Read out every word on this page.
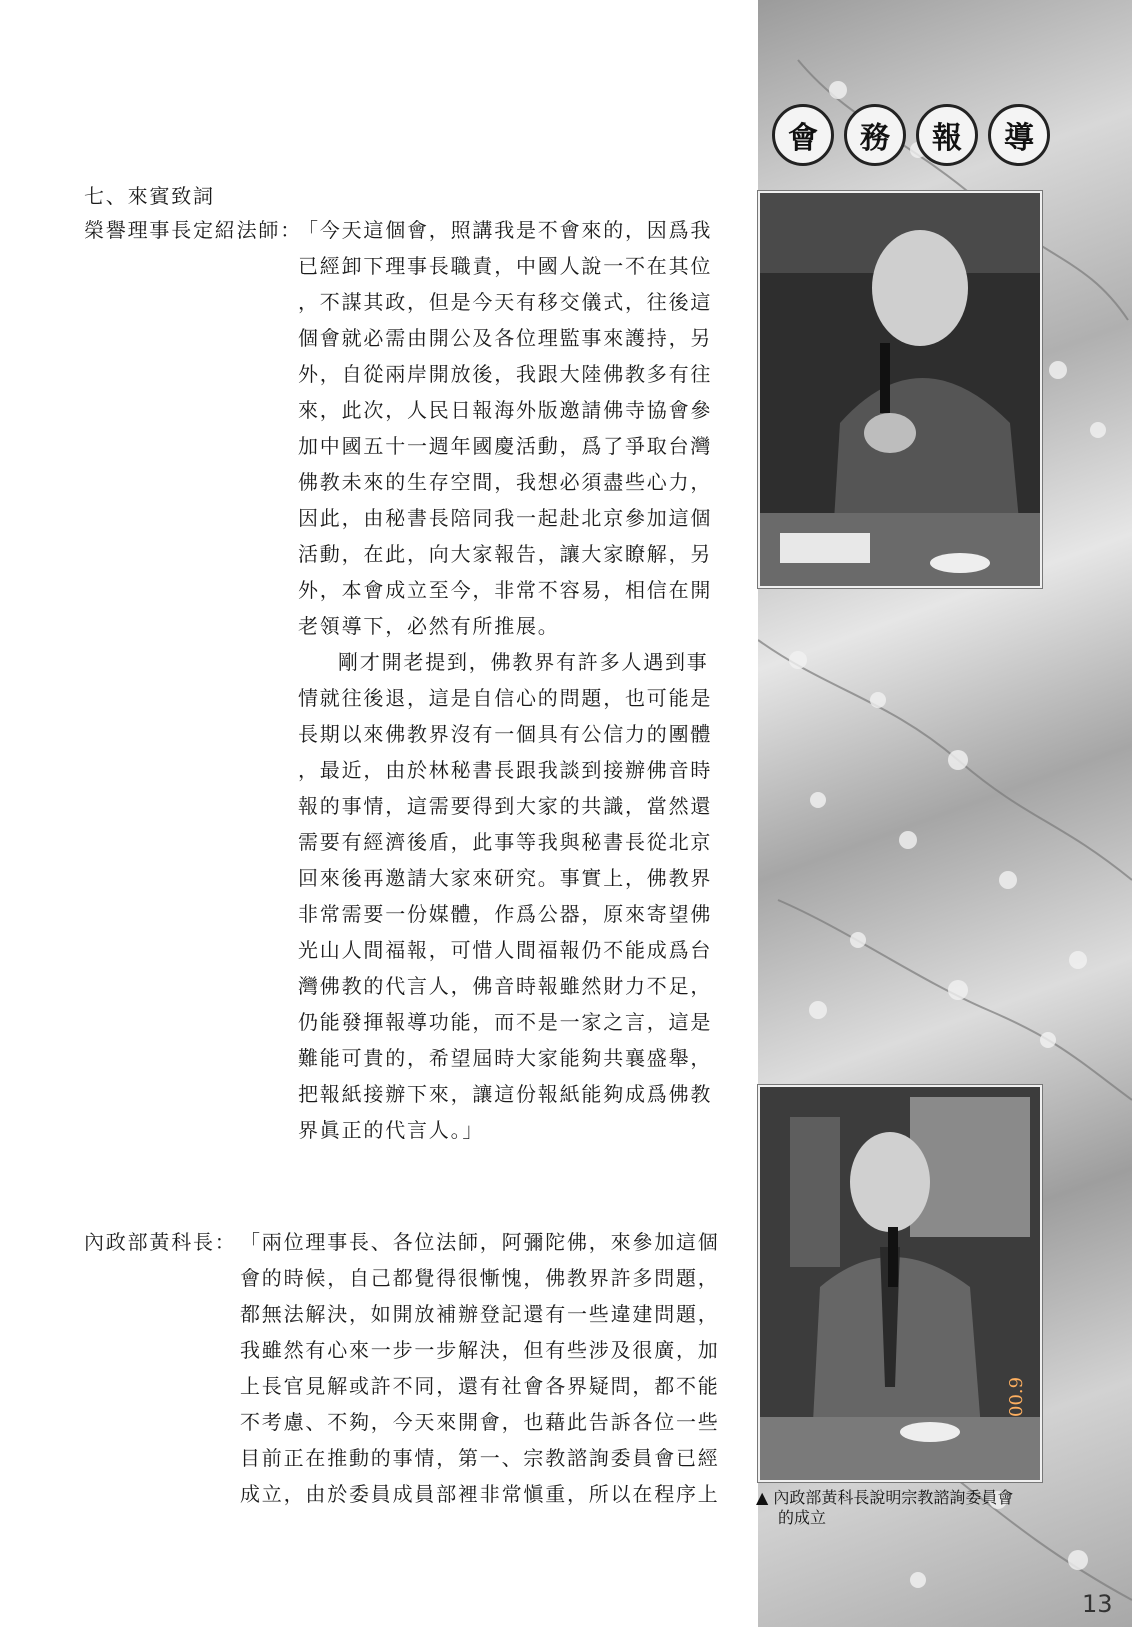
會	務	報	導
00.9
▲ 內政部黃科長說明宗教諮詢委員會
的成立
七、來賓致詞
榮譽理事長定紹法師：
「今天這個會，照講我是不會來的，因爲我
已經卸下理事長職責，中國人說一不在其位
，不謀其政，但是今天有移交儀式，往後這
個會就必需由開公及各位理監事來護持，另
外，自從兩岸開放後，我跟大陸佛教多有往
來，此次，人民日報海外版邀請佛寺協會參
加中國五十一週年國慶活動，爲了爭取台灣
佛教未來的生存空間，我想必須盡些心力，
因此，由秘書長陪同我一起赴北京參加這個
活動，在此，向大家報告，讓大家瞭解，另
外，本會成立至今，非常不容易，相信在開
老領導下，必然有所推展。
剛才開老提到，佛教界有許多人遇到事
情就往後退，這是自信心的問題，也可能是
長期以來佛教界沒有一個具有公信力的團體
，最近，由於林秘書長跟我談到接辦佛音時
報的事情，這需要得到大家的共識，當然還
需要有經濟後盾，此事等我與秘書長從北京
回來後再邀請大家來研究。事實上，佛教界
非常需要一份媒體，作爲公器，原來寄望佛
光山人間福報，可惜人間福報仍不能成爲台
灣佛教的代言人，佛音時報雖然財力不足，
仍能發揮報導功能，而不是一家之言，這是
難能可貴的，希望屆時大家能夠共襄盛舉，
把報紙接辦下來，讓這份報紙能夠成爲佛教
界眞正的代言人。」
內政部黃科長： 「兩位理事長、各位法師，阿彌陀佛，來參加這個
會的時候，自己都覺得很慚愧，佛教界許多問題，
都無法解決，如開放補辦登記還有一些違建問題，
我雖然有心來一步一步解決，但有些涉及很廣，加
上長官見解或許不同，還有社會各界疑問，都不能
不考慮、不夠，今天來開會，也藉此告訴各位一些
目前正在推動的事情，第一、宗教諮詢委員會已經
成立，由於委員成員部裡非常愼重，所以在程序上
13
